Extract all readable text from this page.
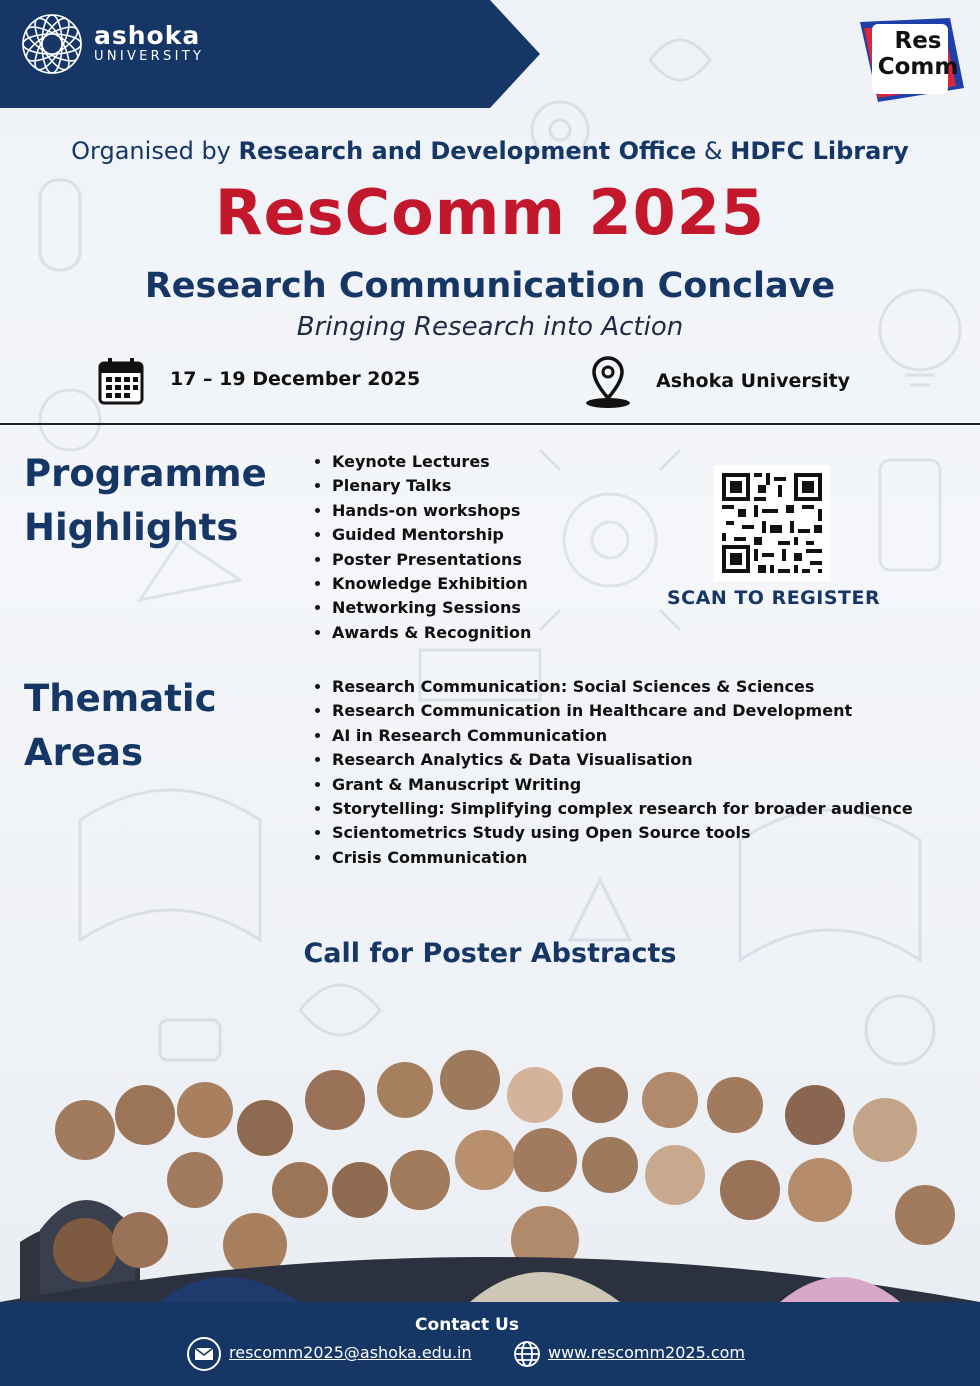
ashoka
UNIVERSITY
Res
Comm
Organised by Research and Development Office & HDFC Library
ResComm 2025
Research Communication Conclave
Bringing Research into Action
17 – 19 December 2025	Ashoka University
Programme
Highlights
• Keynote Lectures
• Plenary Talks
• Hands-on workshops
• Guided Mentorship
• Poster Presentations
• Knowledge Exhibition
• Networking Sessions
• Awards & Recognition
SCAN TO REGISTER
Thematic
Areas
• Research Communication: Social Sciences & Sciences
• Research Communication in Healthcare and Development
• AI in Research Communication
• Research Analytics & Data Visualisation
• Grant & Manuscript Writing
• Storytelling: Simplifying complex research for broader audience
• Scientometrics Study using Open Source tools
• Crisis Communication
Call for Poster Abstracts
Contact Us
rescomm2025@ashoka.edu.in	www.rescomm2025.com
